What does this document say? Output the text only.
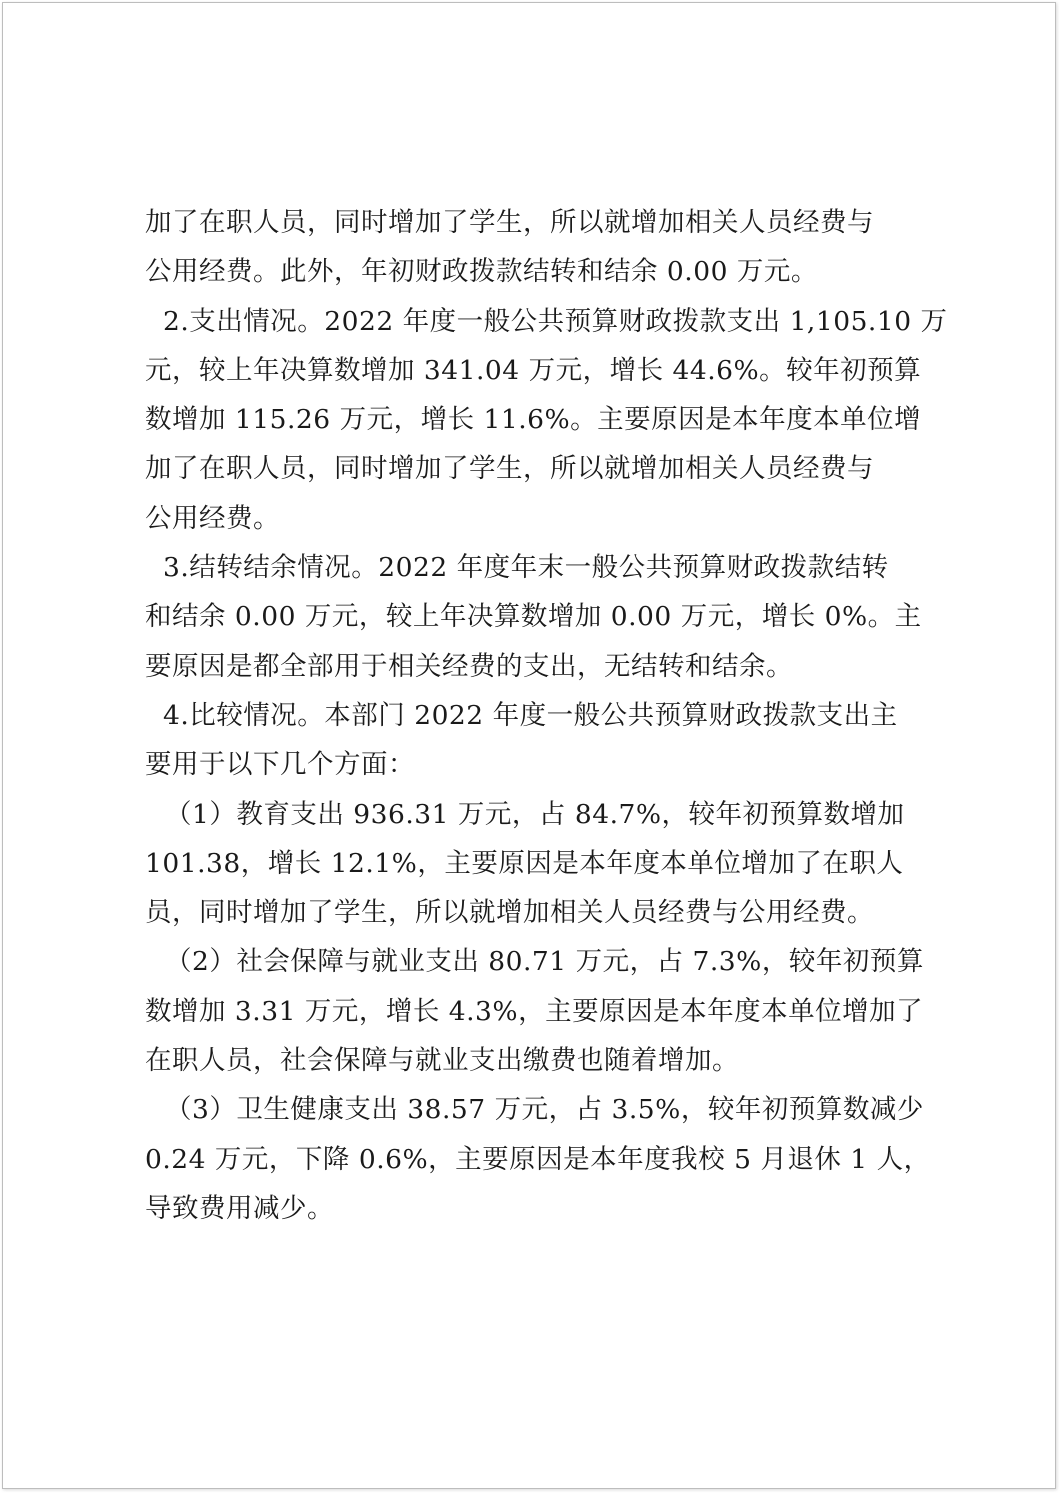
加了在职人员，同时增加了学生，所以就增加相关人员经费与
公用经费。此外，年初财政拨款结转和结余 0.00 万元。
2.支出情况。2022 年度一般公共预算财政拨款支出 1,105.10 万
元，较上年决算数增加 341.04 万元，增长 44.6%。较年初预算
数增加 115.26 万元，增长 11.6%。主要原因是本年度本单位增
加了在职人员，同时增加了学生，所以就增加相关人员经费与
公用经费。
3.结转结余情况。2022 年度年末一般公共预算财政拨款结转
和结余 0.00 万元，较上年决算数增加 0.00 万元，增长 0%。主
要原因是都全部用于相关经费的支出，无结转和结余。
4.比较情况。本部门 2022 年度一般公共预算财政拨款支出主
要用于以下几个方面：
（1）教育支出 936.31 万元，占 84.7%，较年初预算数增加
101.38，增长 12.1%，主要原因是本年度本单位增加了在职人
员，同时增加了学生，所以就增加相关人员经费与公用经费。
（2）社会保障与就业支出 80.71 万元，占 7.3%，较年初预算
数增加 3.31 万元，增长 4.3%，主要原因是本年度本单位增加了
在职人员，社会保障与就业支出缴费也随着增加。
（3）卫生健康支出 38.57 万元，占 3.5%，较年初预算数减少
0.24 万元，下降 0.6%，主要原因是本年度我校 5 月退休 1 人，
导致费用减少。
